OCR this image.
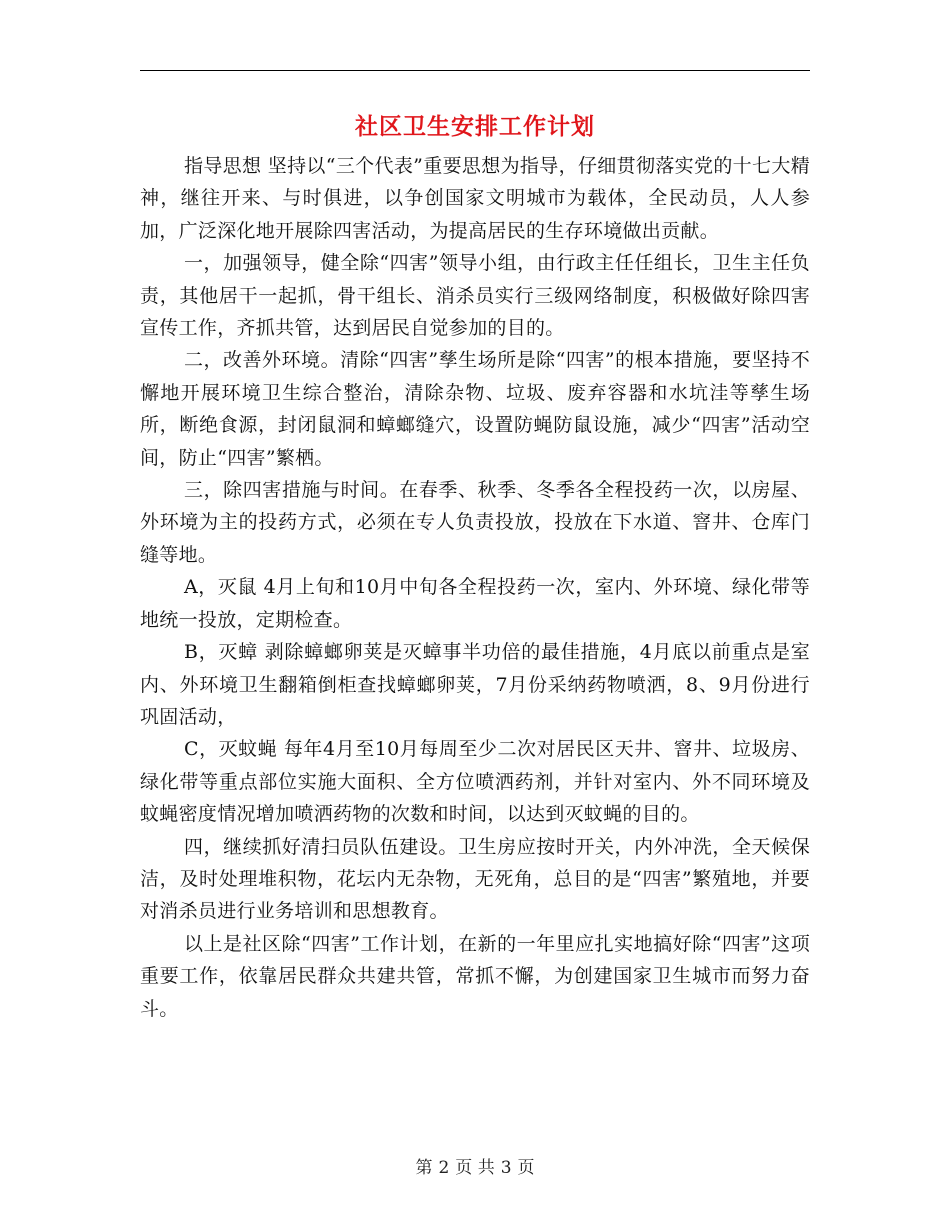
社区卫生安排工作计划

指导思想 坚持以“三个代表”重要思想为指导，仔细贯彻落实党的十七大精神，继往开来、与时俱进，以争创国家文明城市为载体，全民动员，人人参加，广泛深化地开展除四害活动，为提高居民的生存环境做出贡献。

一，加强领导，健全除“四害”领导小组，由行政主任任组长，卫生主任负责，其他居干一起抓，骨干组长、消杀员实行三级网络制度，积极做好除四害宣传工作，齐抓共管，达到居民自觉参加的目的。

二，改善外环境。清除“四害”孳生场所是除“四害”的根本措施，要坚持不懈地开展环境卫生综合整治，清除杂物、垃圾、废弃容器和水坑洼等孳生场所，断绝食源，封闭鼠洞和蟑螂缝穴，设置防蝇防鼠设施，减少“四害”活动空间，防止“四害”繁栖。

三，除四害措施与时间。在春季、秋季、冬季各全程投药一次，以房屋、外环境为主的投药方式，必须在专人负责投放，投放在下水道、窨井、仓库门缝等地。

A，灭鼠 4月上旬和10月中旬各全程投药一次，室内、外环境、绿化带等地统一投放，定期检查。

B，灭蟑 剥除蟑螂卵荚是灭蟑事半功倍的最佳措施，4月底以前重点是室内、外环境卫生翻箱倒柜查找蟑螂卵荚，7月份采纳药物喷洒，8、9月份进行巩固活动，

C，灭蚊蝇 每年4月至10月每周至少二次对居民区天井、窨井、垃圾房、绿化带等重点部位实施大面积、全方位喷洒药剂，并针对室内、外不同环境及蚊蝇密度情况增加喷洒药物的次数和时间，以达到灭蚊蝇的目的。

四，继续抓好清扫员队伍建设。卫生房应按时开关，内外冲洗，全天候保洁，及时处理堆积物，花坛内无杂物，无死角，总目的是“四害”繁殖地，并要对消杀员进行业务培训和思想教育。

以上是社区除“四害”工作计划，在新的一年里应扎实地搞好除“四害”这项重要工作，依靠居民群众共建共管，常抓不懈，为创建国家卫生城市而努力奋斗。

第 2 页 共 3 页
